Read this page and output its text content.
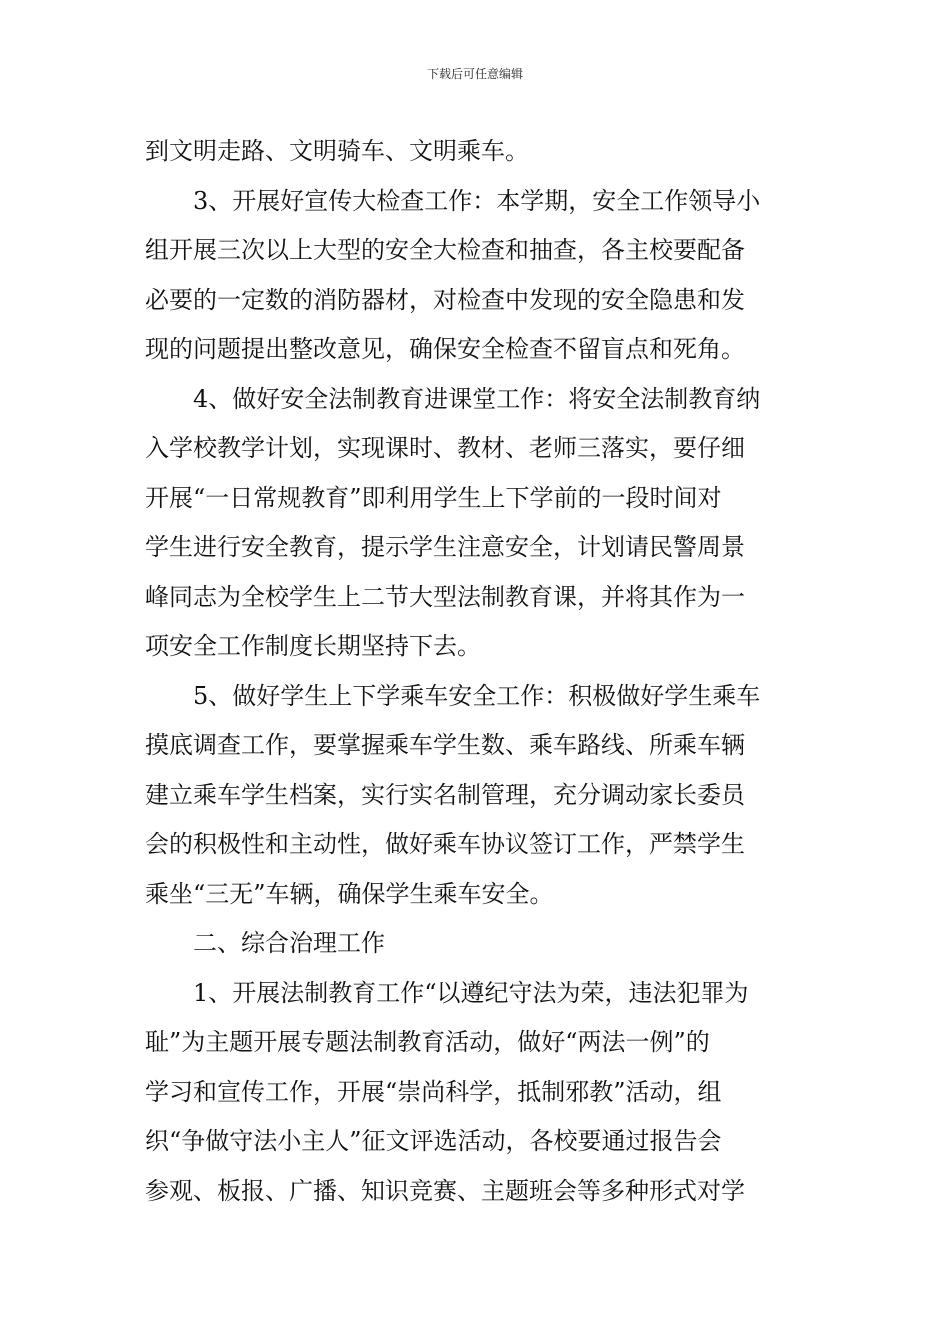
下载后可任意编辑
到文明走路、文明骑车、文明乘车。
3、开展好宣传大检查工作：本学期，安全工作领导小
组开展三次以上大型的安全大检查和抽查，各主校要配备
必要的一定数的消防器材，对检查中发现的安全隐患和发
现的问题提出整改意见，确保安全检查不留盲点和死角。
4、做好安全法制教育进课堂工作：将安全法制教育纳
入学校教学计划，实现课时、教材、老师三落实，要仔细
开展“一日常规教育”即利用学生上下学前的一段时间对
学生进行安全教育，提示学生注意安全，计划请民警周景
峰同志为全校学生上二节大型法制教育课，并将其作为一
项安全工作制度长期坚持下去。
5、做好学生上下学乘车安全工作：积极做好学生乘车
摸底调查工作，要掌握乘车学生数、乘车路线、所乘车辆
建立乘车学生档案，实行实名制管理，充分调动家长委员
会的积极性和主动性，做好乘车协议签订工作，严禁学生
乘坐“三无”车辆，确保学生乘车安全。
二、综合治理工作
1、开展法制教育工作“以遵纪守法为荣，违法犯罪为
耻”为主题开展专题法制教育活动，做好“两法一例”的
学习和宣传工作，开展“崇尚科学，抵制邪教”活动，组
织“争做守法小主人”征文评选活动，各校要通过报告会
参观、板报、广播、知识竞赛、主题班会等多种形式对学
